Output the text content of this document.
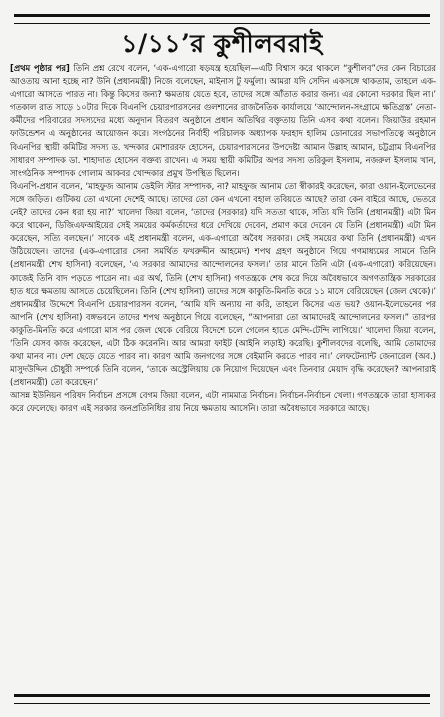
১/১১’র কুশীলবরাই

[প্রথম পৃষ্ঠার পর] তিনি প্রশ্ন রেখে বলেন, ‘এক-এগারো ষড়যন্ত্র হয়েছিল—এটি বিশ্বাস করে থাকলে “কুশীলব”দের কেন বিচারের আওতায় আনা হচ্ছে না? উনি (প্রধানমন্ত্রী) নিজে বলেছেন, মাইনাস টু ফর্মুলা। আমরা যদি সেদিন একসঙ্গে থাকতাম, তাহলে এক-এগারো আসতে পারত না। কিন্তু কিসের জন্য? ক্ষমতায় যেতে হবে, তাদের সঙ্গে আঁতাত করার জন্য। এর কোনো দরকার ছিল না।’ গতকাল রাত সাড়ে ১০টার দিকে বিএনপি চেয়ারপারসনের গুলশানের রাজনৈতিক কার্যালয়ে ‘আন্দোলন-সংগ্রামে ক্ষতিগ্রস্ত’ নেতা-কর্মীদের পরিবারের সদস্যদের মধ্যে অনুদান বিতরণ অনুষ্ঠানে প্রধান অতিথির বক্তৃতায় তিনি এসব কথা বলেন। জিয়াউর রহমান ফাউন্ডেশন এ অনুষ্ঠানের আয়োজন করে। সংগঠনের নির্বাহী পরিচালক অধ্যাপক ফরহাদ হালিম ডোনারের সভাপতিত্বে অনুষ্ঠানে বিএনপির স্থায়ী কমিটির সদস্য ড. খন্দকার মোশাররফ হোসেন, চেয়ারপারসনের উপদেষ্টা আমান উল্লাহ আমান, চট্টগ্রাম বিএনপির সাধারণ সম্পাদক ডা. শাহাদাত হোসেন বক্তব্য রাখেন। এ সময় স্থায়ী কমিটির অপর সদস্য তরিকুল ইসলাম, নজরুল ইসলাম খান, সাংগঠনিক সম্পাদক গোলাম আকবর খোন্দকার প্রমুখ উপস্থিত ছিলেন।

বিএনপি-প্রধান বলেন, ‘মাহফুজ আনাম ডেইলি স্টার সম্পাদক, না? মাহফুজ আনাম তো স্বীকারই করেছেন, কারা ওয়ান-ইলেভেনের সঙ্গে জড়িত। গুটিকয় তো এখনো দেশেই আছে। তাদের তো কেন এখনো বহাল তবিয়তে আছে? তারা কেন বাইরে আছে, ভেতরে নেই? তাদের কেন ধরা হয় না?’ খালেদা জিয়া বলেন, ‘তাদের (সরকার) যদি সততা থাকে, সত্যি যদি তিনি (প্রধানমন্ত্রী) এটা মিন করে থাকেন, ডিজিএফআইয়ের সেই সময়ের কর্মকর্তাদের ধরে দেখিয়ে দেবেন, প্রমাণ করে দেবেন যে তিনি (প্রধানমন্ত্রী) এটা মিন করেছেন, সত্যি বলছেন।’ সাবেক এই প্রধানমন্ত্রী বলেন, এক-এগারো অবৈধ সরকার। সেই সময়ের কথা তিনি (প্রধানমন্ত্রী) এখন উঠিয়েছেন। তাদের (এক-এগারোর সেনা সমর্থিত ফখরুদ্দীন আহমেদ) শপথ গ্রহণ অনুষ্ঠানে গিয়ে গণমাধ্যমের সামনে তিনি (প্রধানমন্ত্রী শেখ হাসিনা) বলেছেন, ‘এ সরকার আমাদের আন্দোলনের ফসল।’ তার মানে তিনি এটা (এক-এগারো) করিয়েছেন। কাজেই তিনি বাদ পড়তে পারেন না। এর অর্থ, তিনি (শেখ হাসিনা) গণতন্ত্রকে শেষ করে দিয়ে অবৈধভাবে অগণতান্ত্রিক সরকারের হাত ধরে ক্ষমতায় আসতে চেয়েছিলেন। তিনি (শেখ হাসিনা) তাদের সঙ্গে কাকুতি-মিনতি করে ১১ মাসে বেরিয়েছেন (জেল থেকে)।’ প্রধানমন্ত্রীর উদ্দেশে বিএনপি চেয়ারপারসন বলেন, ‘আমি যদি অন্যায় না করি, তাহলে কিসের এত ভয়? ওয়ান-ইলেভেনের পর আপনি (শেখ হাসিনা) বঙ্গভবনে তাদের শপথ অনুষ্ঠানে গিয়ে বলেছেন, “আপনারা তো আমাদেরই আন্দোলনের ফসল।” তারপর কাকুতি-মিনতি করে এগারো মাস পর জেল থেকে বেরিয়ে বিদেশে চলে গেলেন হাতে মেন্দি-টেন্দি লাগিয়ে।’ খালেদা জিয়া বলেন, ‘তিনি যেসব কাজ করেছেন, এটা ঠিক করেননি। আর আমরা ফাইট (আইনি লড়াই) করেছি। কুশীলবদের বলেছি, আমি তোমাদের কথা মানব না। দেশ ছেড়ে যেতে পারব না। কারণ আমি জনগণের সঙ্গে বেইমানি করতে পারব না।’ লেফটেন্যান্ট জেনারেল (অব.) মাসুদউদ্দিন চৌধুরী সম্পর্কে তিনি বলেন, ‘তাকে অস্ট্রেলিয়ায় কে নিয়োগ দিয়েছেন এবং তিনবার মেয়াদ বৃদ্ধি করেছেন? আপনারাই (প্রধানমন্ত্রী) তো করেছেন।’

আসন্ন ইউনিয়ন পরিষদ নির্বাচন প্রসঙ্গে বেগম জিয়া বলেন, এটা নামমাত্র নির্বাচন। নির্বাচন-নির্বাচন খেলা। গণতন্ত্রকে তারা হাস্যকর করে ফেলেছে। কারণ এই সরকার জনপ্রতিনিধির রায় নিয়ে ক্ষমতায় আসেনি। তারা অবৈধভাবে সরকারে আছে।
